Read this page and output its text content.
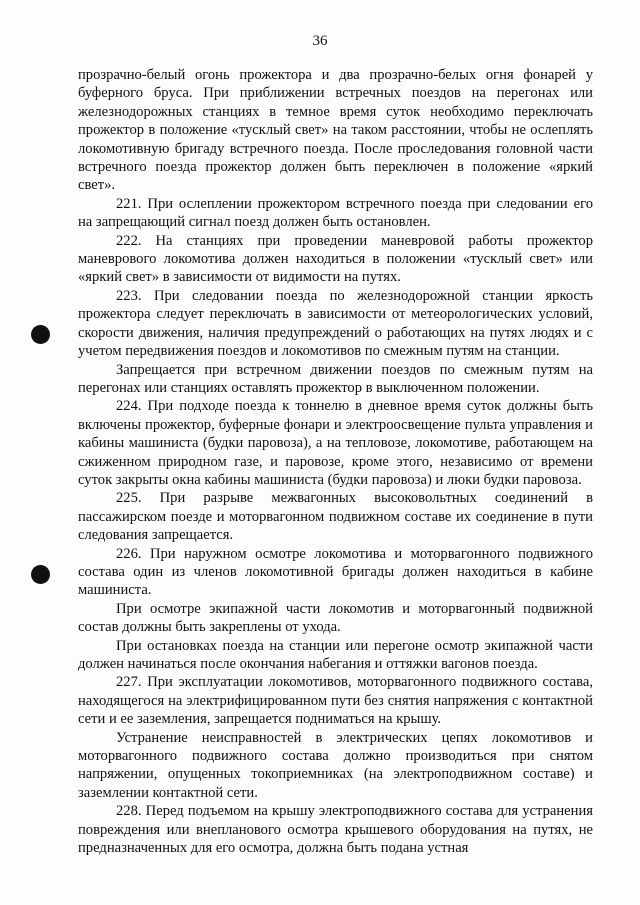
36

прозрачно-белый огонь прожектора и два прозрачно-белых огня фонарей у буферного бруса. При приближении встречных поездов на перегонах или железнодорожных станциях в темное время суток необходимо переключать прожектор в положение «тусклый свет» на таком расстоянии, чтобы не ослеплять локомотивную бригаду встречного поезда. После проследования головной части встречного поезда прожектор должен быть переключен в положение «яркий свет».

221. При ослеплении прожектором встречного поезда при следовании его на запрещающий сигнал поезд должен быть остановлен.

222. На станциях при проведении маневровой работы прожектор маневрового локомотива должен находиться в положении «тусклый свет» или «яркий свет» в зависимости от видимости на путях.

223. При следовании поезда по железнодорожной станции яркость прожектора следует переключать в зависимости от метеорологических условий, скорости движения, наличия предупреждений о работающих на путях людях и с учетом передвижения поездов и локомотивов по смежным путям на станции.

Запрещается при встречном движении поездов по смежным путям на перегонах или станциях оставлять прожектор в выключенном положении.

224. При подходе поезда к тоннелю в дневное время суток должны быть включены прожектор, буферные фонари и электроосвещение пульта управления и кабины машиниста (будки паровоза), а на тепловозе, локомотиве, работающем на сжиженном природном газе, и паровозе, кроме этого, независимо от времени суток закрыты окна кабины машиниста (будки паровоза) и люки будки паровоза.

225. При разрыве межвагонных высоковольтных соединений в пассажирском поезде и моторвагонном подвижном составе их соединение в пути следования запрещается.

226. При наружном осмотре локомотива и моторвагонного подвижного состава один из членов локомотивной бригады должен находиться в кабине машиниста.

При осмотре экипажной части локомотив и моторвагонный подвижной состав должны быть закреплены от ухода.

При остановках поезда на станции или перегоне осмотр экипажной части должен начинаться после окончания набегания и оттяжки вагонов поезда.

227. При эксплуатации локомотивов, моторвагонного подвижного состава, находящегося на электрифицированном пути без снятия напряжения с контактной сети и ее заземления, запрещается подниматься на крышу.

Устранение неисправностей в электрических цепях локомотивов и моторвагонного подвижного состава должно производиться при снятом напряжении, опущенных токоприемниках (на электроподвижном составе) и заземлении контактной сети.

228. Перед подъемом на крышу электроподвижного состава для устранения повреждения или внепланового осмотра крышевого оборудования на путях, не предназначенных для его осмотра, должна быть подана устная
